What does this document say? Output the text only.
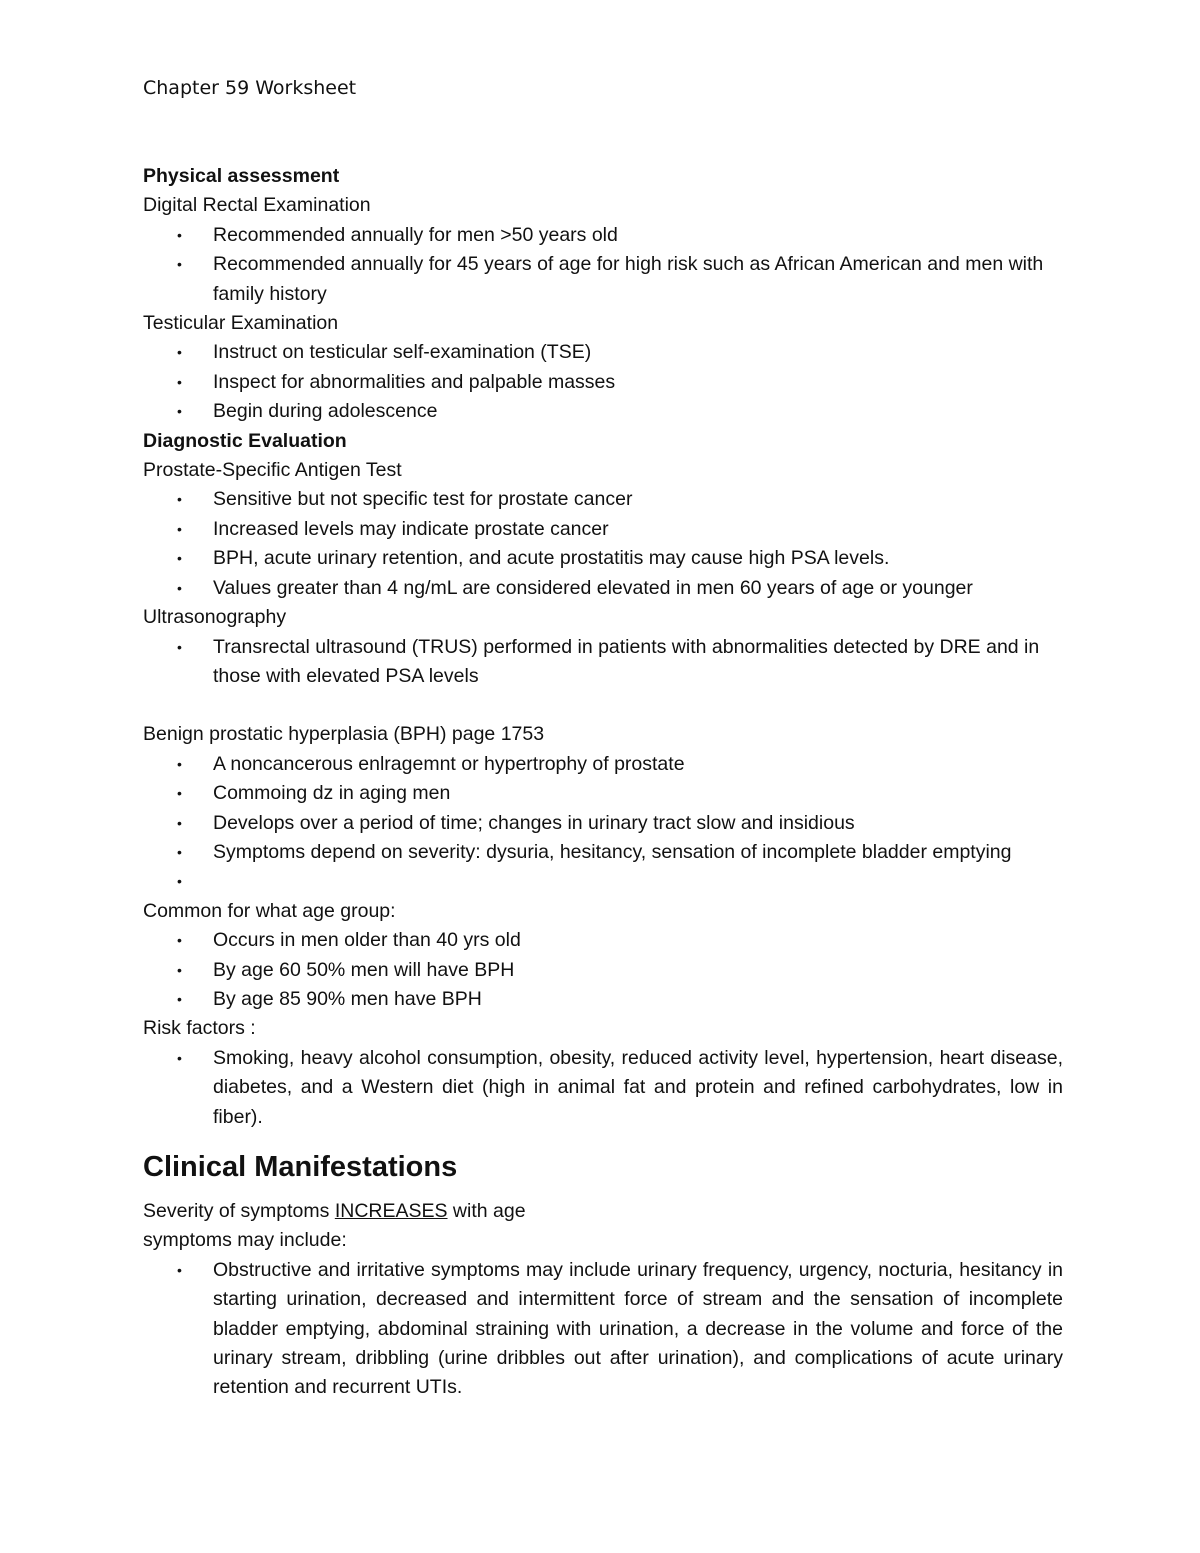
Chapter 59 Worksheet

Physical assessment

Digital Rectal Examination

• Recommended annually for men >50 years old
• Recommended annually for 45 years of age for high risk such as African American and men with family history

Testicular Examination

• Instruct on testicular self-examination (TSE)
• Inspect for abnormalities and palpable masses
• Begin during adolescence

Diagnostic Evaluation

Prostate-Specific Antigen Test

• Sensitive but not specific test for prostate cancer
• Increased levels may indicate prostate cancer
• BPH, acute urinary retention, and acute prostatitis may cause high PSA levels.
• Values greater than 4 ng/mL are considered elevated in men 60 years of age or younger

Ultrasonography

• Transrectal ultrasound (TRUS) performed in patients with abnormalities detected by DRE and in those with elevated PSA levels

Benign prostatic hyperplasia (BPH) page 1753

• A noncancerous enlragemnt or hypertrophy of prostate
• Commoing dz in aging men
• Develops over a period of time; changes in urinary tract slow and insidious
• Symptoms depend on severity: dysuria, hesitancy, sensation of incomplete bladder emptying
•

Common for what age group:

• Occurs in men older than 40 yrs old
• By age 60 50% men will have BPH
• By age 85 90% men have BPH

Risk factors :

• Smoking, heavy alcohol consumption, obesity, reduced activity level, hypertension, heart disease, diabetes, and a Western diet (high in animal fat and protein and refined carbohydrates, low in fiber).
Clinical Manifestations

Severity of symptoms INCREASES with age

symptoms may include:

• Obstructive and irritative symptoms may include urinary frequency, urgency, nocturia, hesitancy in starting urination, decreased and intermittent force of stream and the sensation of incomplete bladder emptying, abdominal straining with urination, a decrease in the volume and force of the urinary stream, dribbling (urine dribbles out after urination), and complications of acute urinary retention and recurrent UTIs.
